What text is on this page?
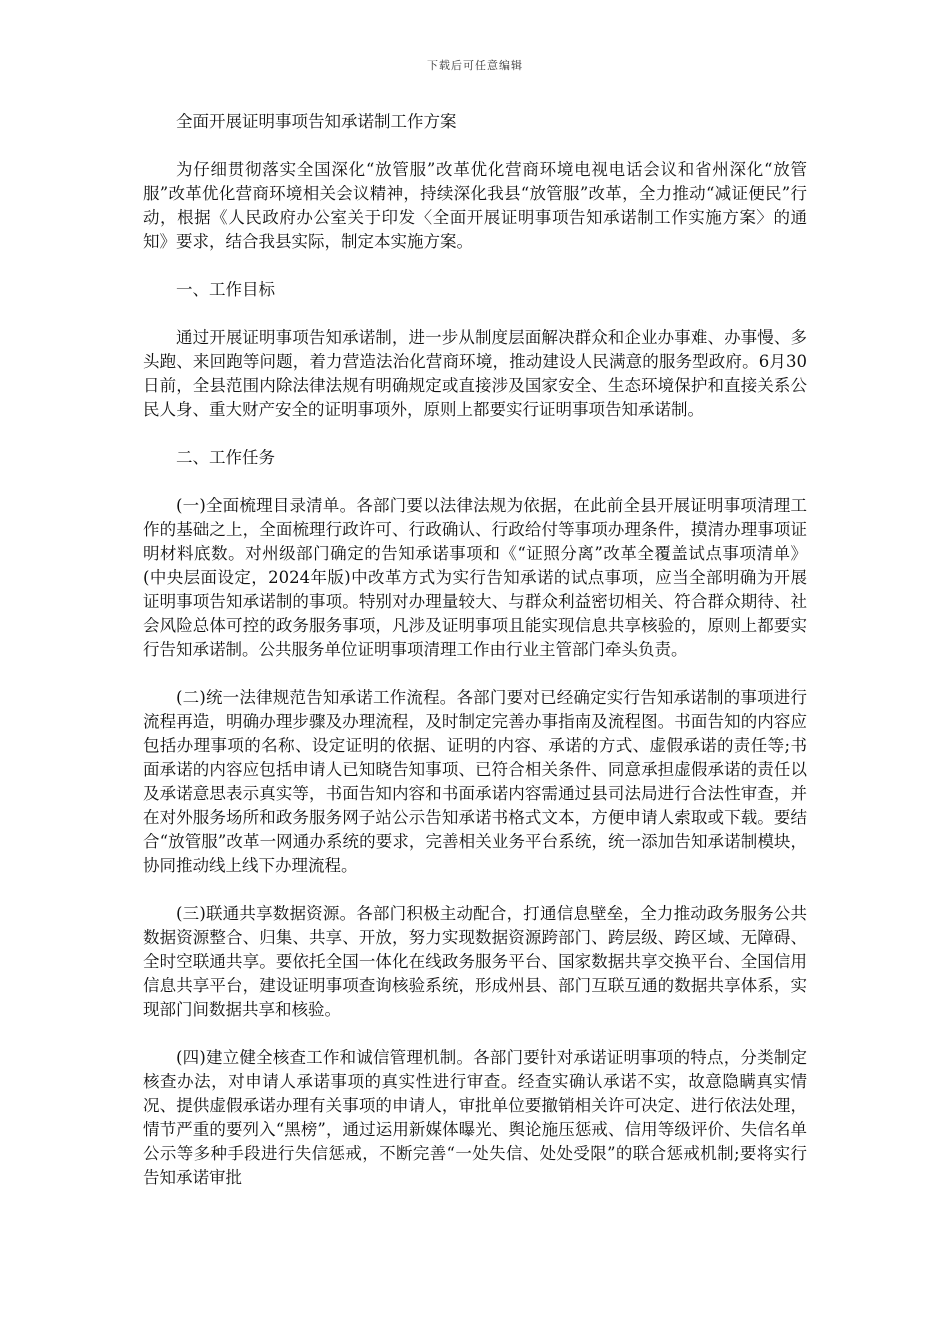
下载后可任意编辑

全面开展证明事项告知承诺制工作方案

为仔细贯彻落实全国深化“放管服”改革优化营商环境电视电话会议和省州深化“放管服”改革优化营商环境相关会议精神，持续深化我县“放管服”改革，全力推动“减证便民”行动，根据《人民政府办公室关于印发〈全面开展证明事项告知承诺制工作实施方案〉的通知》要求，结合我县实际，制定本实施方案。

一、工作目标

通过开展证明事项告知承诺制，进一步从制度层面解决群众和企业办事难、办事慢、多头跑、来回跑等问题，着力营造法治化营商环境，推动建设人民满意的服务型政府。6月30日前，全县范围内除法律法规有明确规定或直接涉及国家安全、生态环境保护和直接关系公民人身、重大财产安全的证明事项外，原则上都要实行证明事项告知承诺制。

二、工作任务

(一)全面梳理目录清单。各部门要以法律法规为依据，在此前全县开展证明事项清理工作的基础之上，全面梳理行政许可、行政确认、行政给付等事项办理条件，摸清办理事项证明材料底数。对州级部门确定的告知承诺事项和《“证照分离”改革全覆盖试点事项清单》(中央层面设定，2024年版)中改革方式为实行告知承诺的试点事项，应当全部明确为开展证明事项告知承诺制的事项。特别对办理量较大、与群众利益密切相关、符合群众期待、社会风险总体可控的政务服务事项，凡涉及证明事项且能实现信息共享核验的，原则上都要实行告知承诺制。公共服务单位证明事项清理工作由行业主管部门牵头负责。

(二)统一法律规范告知承诺工作流程。各部门要对已经确定实行告知承诺制的事项进行流程再造，明确办理步骤及办理流程，及时制定完善办事指南及流程图。书面告知的内容应包括办理事项的名称、设定证明的依据、证明的内容、承诺的方式、虚假承诺的责任等;书面承诺的内容应包括申请人已知晓告知事项、已符合相关条件、同意承担虚假承诺的责任以及承诺意思表示真实等，书面告知内容和书面承诺内容需通过县司法局进行合法性审查，并在对外服务场所和政务服务网子站公示告知承诺书格式文本，方便申请人索取或下载。要结合“放管服”改革一网通办系统的要求，完善相关业务平台系统，统一添加告知承诺制模块，协同推动线上线下办理流程。

(三)联通共享数据资源。各部门积极主动配合，打通信息壁垒，全力推动政务服务公共数据资源整合、归集、共享、开放，努力实现数据资源跨部门、跨层级、跨区域、无障碍、全时空联通共享。要依托全国一体化在线政务服务平台、国家数据共享交换平台、全国信用信息共享平台，建设证明事项查询核验系统，形成州县、部门互联互通的数据共享体系，实现部门间数据共享和核验。

(四)建立健全核查工作和诚信管理机制。各部门要针对承诺证明事项的特点，分类制定核查办法，对申请人承诺事项的真实性进行审查。经查实确认承诺不实，故意隐瞒真实情况、提供虚假承诺办理有关事项的申请人，审批单位要撤销相关许可决定、进行依法处理，情节严重的要列入“黑榜”，通过运用新媒体曝光、舆论施压惩戒、信用等级评价、失信名单公示等多种手段进行失信惩戒，不断完善“一处失信、处处受限”的联合惩戒机制;要将实行告知承诺审批
